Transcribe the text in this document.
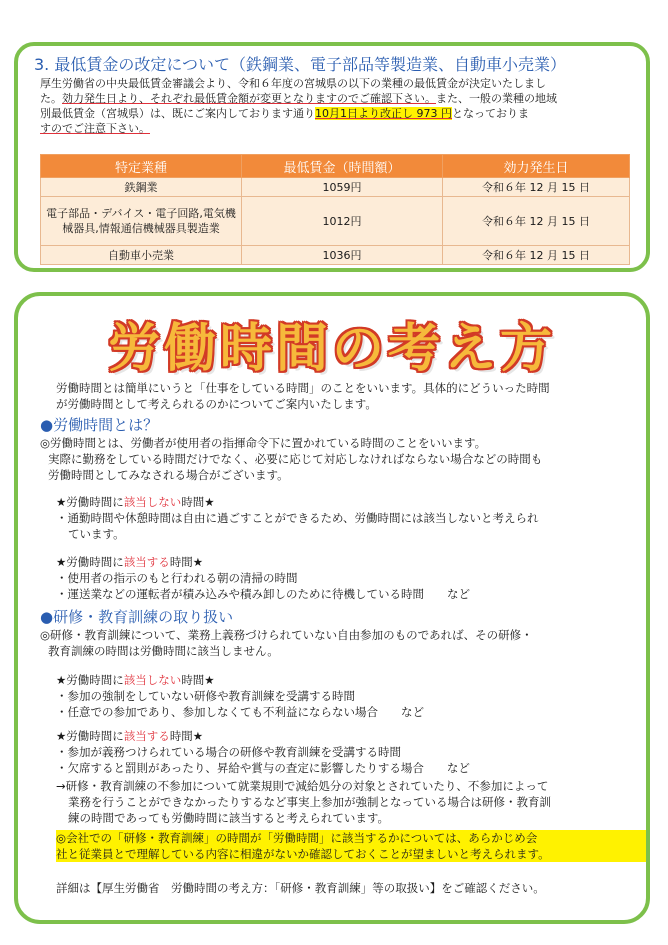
3. 最低賃金の改定について（鉄鋼業、電子部品等製造業、自動車小売業）

厚生労働省の中央最低賃金審議会より、令和６年度の宮城県の以下の業種の最低賃金が決定いたしまし

た。効力発生日より、それぞれ最低賃金額が変更となりますのでご確認下さい。また、一般の業種の地域

別最低賃金（宮城県）は、既にご案内しております通り10月1日より改正し 973 円となっておりま

すのでご注意下さい。

特定業種	最低賃金（時間額）	効力発生日
鉄鋼業	1059円	令和６年 12 月 15 日
電子部品・デバイス・電子回路,電気機械器具,情報通信機械器具製造業	1012円	令和６年 12 月 15 日
自動車小売業	1036円	令和６年 12 月 15 日
労働時間の考え方
労働時間とは簡単にいうと「仕事をしている時間」のことをいいます。具体的にどういった時間
が労働時間として考えられるのかについてご案内いたします。
●労働時間とは？
◎労働時間とは、労働者が使用者の指揮命令下に置かれている時間のことをいいます。
実際に勤務をしている時間だけでなく、必要に応じて対応しなければならない場合などの時間も
労働時間としてみなされる場合がございます。
★労働時間に該当しない時間★
・通勤時間や休憩時間は自由に過ごすことができるため、労働時間には該当しないと考えられ
ています。
★労働時間に該当する時間★
・使用者の指示のもと行われる朝の清掃の時間
・運送業などの運転者が積み込みや積み卸しのために待機している時間　　など
●研修・教育訓練の取り扱い
◎研修・教育訓練について、業務上義務づけられていない自由参加のものであれば、その研修・
教育訓練の時間は労働時間に該当しません。
★労働時間に該当しない時間★
・参加の強制をしていない研修や教育訓練を受講する時間
・任意での参加であり、参加しなくても不利益にならない場合　　など
★労働時間に該当する時間★
・参加が義務つけられている場合の研修や教育訓練を受講する時間
・欠席すると罰則があったり、昇給や賞与の査定に影響したりする場合　　など
→研修・教育訓練の不参加について就業規則で減給処分の対象とされていたり、不参加によって
業務を行うことができなかったりするなど事実上参加が強制となっている場合は研修・教育訓
練の時間であっても労働時間に該当すると考えられています。

◎会社での「研修・教育訓練」の時間が「労働時間」に該当するかについては、あらかじめ会

社と従業員とで理解している内容に相違がないか確認しておくことが望ましいと考えられます。

詳細は【厚生労働省　労働時間の考え方：「研修・教育訓練」等の取扱い】をご確認ください。
